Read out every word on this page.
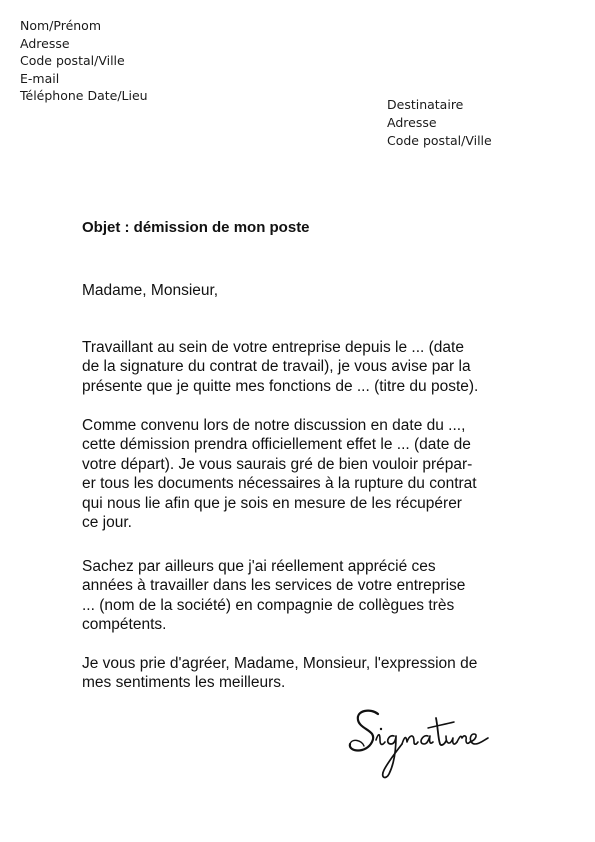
Nom/Prénom
Adresse
Code postal/Ville
E-mail
Téléphone Date/Lieu
Destinataire
Adresse
Code postal/Ville
Objet : démission de mon poste
Madame, Monsieur,
Travaillant au sein de votre entreprise depuis le ... (date
de la signature du contrat de travail), je vous avise par la
présente que je quitte mes fonctions de ... (titre du poste).
Comme convenu lors de notre discussion en date du ...,
cette démission prendra officiellement effet le ... (date de
votre départ). Je vous saurais gré de bien vouloir prépar-
er tous les documents nécessaires à la rupture du contrat
qui nous lie afin que je sois en mesure de les récupérer
ce jour.
Sachez par ailleurs que j'ai réellement apprécié ces
années à travailler dans les services de votre entreprise
... (nom de la société) en compagnie de collègues très
compétents.
Je vous prie d'agréer, Madame, Monsieur, l'expression de
mes sentiments les meilleurs.
